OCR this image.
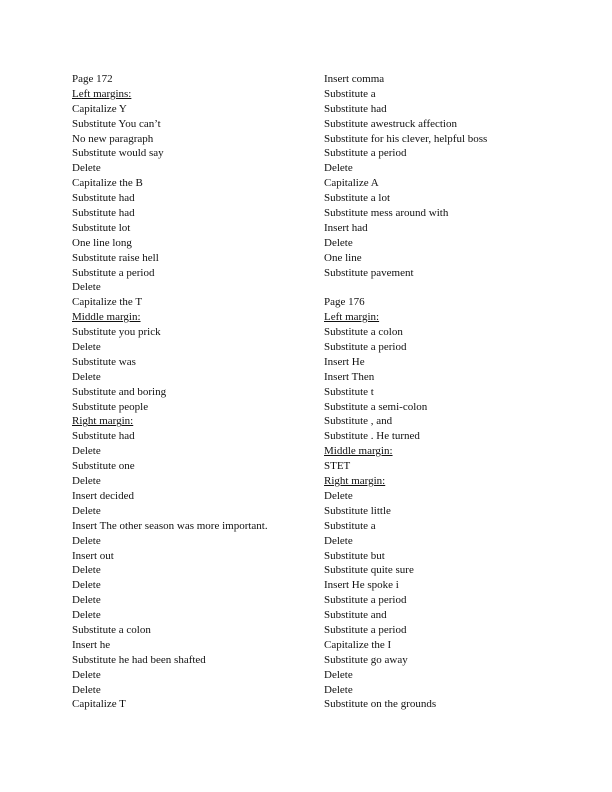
Page 172
Left margins:
Capitalize Y
Substitute You can’t
No new paragraph
Substitute would say
Delete
Capitalize the B
Substitute had
Substitute had
Substitute lot
One line long
Substitute raise hell
Substitute a period
Delete
Capitalize the T
Middle margin:
Substitute you prick
Delete
Substitute was
Delete
Substitute and boring
Substitute people
Right margin:
Substitute had
Delete
Substitute one
Delete
Insert decided
Delete
Insert The other season was more important.
Delete
Insert out
Delete
Delete
Delete
Delete
Substitute a colon
Insert he
Substitute he had been shafted
Delete
Delete
Capitalize T
Insert comma
Substitute a
Substitute had
Substitute awestruck affection
Substitute for his clever, helpful boss
Substitute a period
Delete
Capitalize A
Substitute a lot
Substitute mess around with
Insert had
Delete
One line
Substitute pavement
Page 176
Left margin:
Substitute a colon
Substitute a period
Insert He
Insert Then
Substitute t
Substitute a semi-colon
Substitute , and
Substitute . He turned
Middle margin:
STET
Right margin:
Delete
Substitute little
Substitute a
Delete
Substitute but
Substitute quite sure
Insert He spoke i
Substitute a period
Substitute and
Substitute a period
Capitalize the I
Substitute go away
Delete
Delete
Substitute on the grounds
